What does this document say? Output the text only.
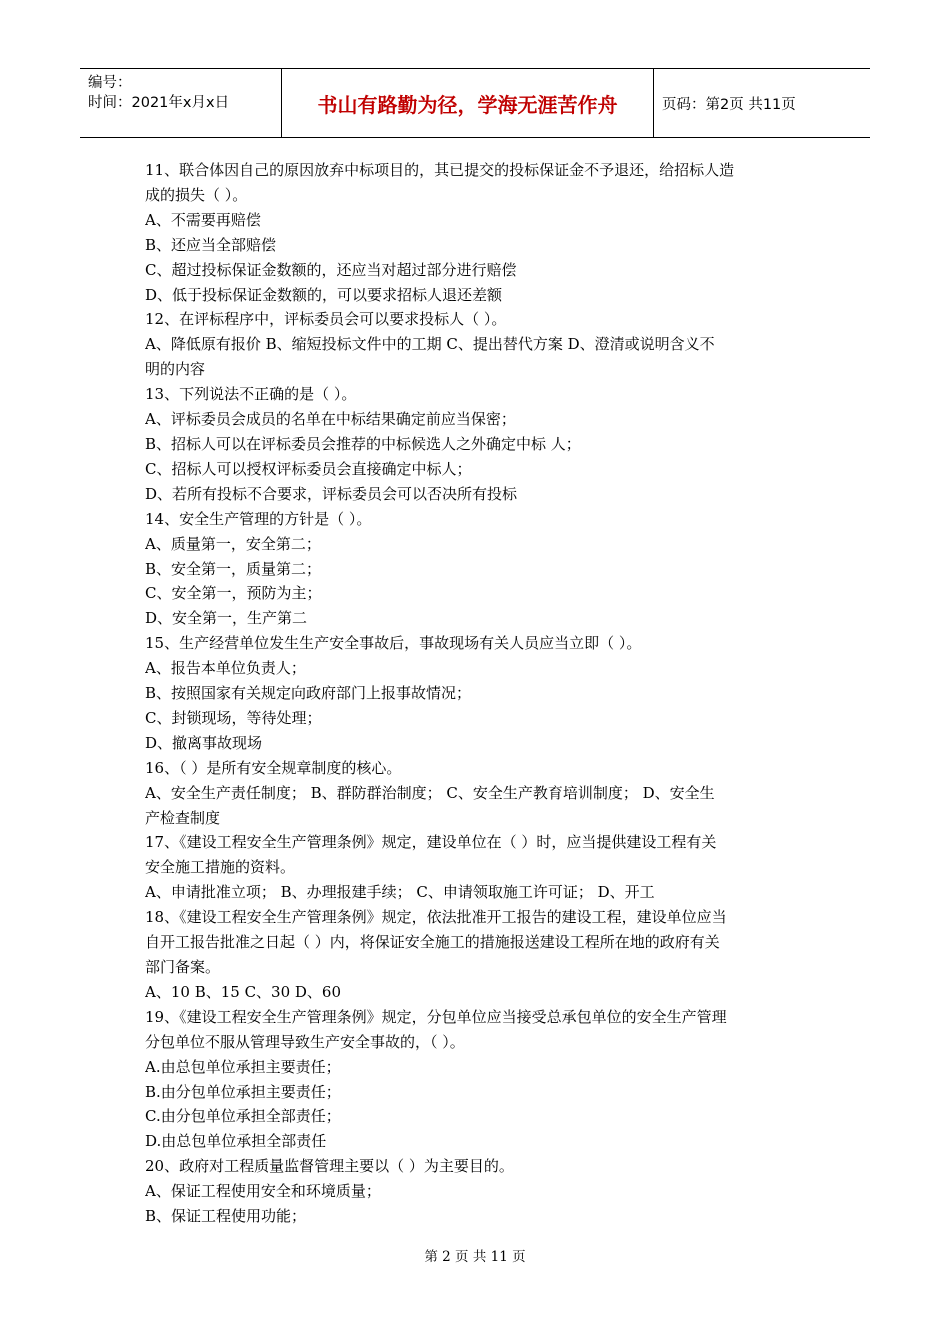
编号：
时间：2021年x月x日	书山有路勤为径，学海无涯苦作舟	页码：第2页 共11页
11、联合体因自己的原因放弃中标项目的，其已提交的投标保证金不予退还，给招标人造
成的损失（ ）。
A、不需要再赔偿
B、还应当全部赔偿
C、超过投标保证金数额的，还应当对超过部分进行赔偿
D、低于投标保证金数额的，可以要求招标人退还差额
12、在评标程序中，评标委员会可以要求投标人（ ）。
A、降低原有报价 B、缩短投标文件中的工期 C、提出替代方案 D、澄清或说明含义不
明的内容
13、下列说法不正确的是（ ）。
A、评标委员会成员的名单在中标结果确定前应当保密；
B、招标人可以在评标委员会推荐的中标候选人之外确定中标 人；
C、招标人可以授权评标委员会直接确定中标人；
D、若所有投标不合要求，评标委员会可以否决所有投标
14、安全生产管理的方针是（ ）。
A、质量第一，安全第二；
B、安全第一，质量第二；
C、安全第一，预防为主；
D、安全第一，生产第二
15、生产经营单位发生生产安全事故后，事故现场有关人员应当立即（ ）。
A、报告本单位负责人；
B、按照国家有关规定向政府部门上报事故情况；
C、封锁现场，等待处理；
D、撤离事故现场
16、（ ）是所有安全规章制度的核心。
A、安全生产责任制度； B、群防群治制度； C、安全生产教育培训制度； D、安全生
产检查制度
17、《建设工程安全生产管理条例》规定，建设单位在（ ）时，应当提供建设工程有关
安全施工措施的资料。
A、申请批准立项； B、办理报建手续； C、申请领取施工许可证； D、开工
18、《建设工程安全生产管理条例》规定，依法批准开工报告的建设工程，建设单位应当
自开工报告批准之日起（ ）内，将保证安全施工的措施报送建设工程所在地的政府有关
部门备案。
A、10 B、15 C、30 D、60
19、《建设工程安全生产管理条例》规定，分包单位应当接受总承包单位的安全生产管理
分包单位不服从管理导致生产安全事故的，（ ）。
A.由总包单位承担主要责任；
B.由分包单位承担主要责任；
C.由分包单位承担全部责任；
D.由总包单位承担全部责任
20、政府对工程质量监督管理主要以（ ）为主要目的。
A、保证工程使用安全和环境质量；
B、保证工程使用功能；
第 2 页 共 11 页
